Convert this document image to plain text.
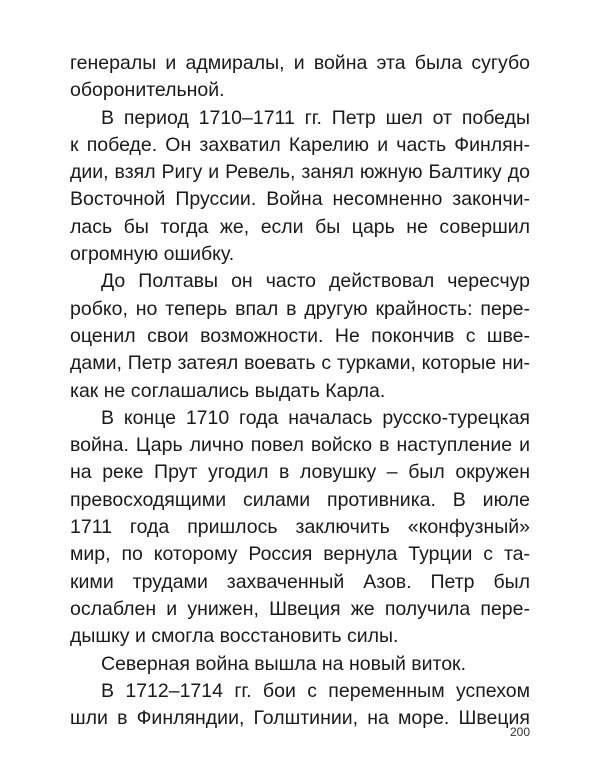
генералы и адмиралы, и война эта была сугубо
оборонительной.
В период 1710–1711 гг. Петр шел от победы
к победе. Он захватил Карелию и часть Финлян-
дии, взял Ригу и Ревель, занял южную Балтику до
Восточной Пруссии. Война несомненно закончи-
лась бы тогда же, если бы царь не совершил
огромную ошибку.
До Полтавы он часто действовал чересчур
робко, но теперь впал в другую крайность: пере-
оценил свои возможности. Не покончив с шве-
дами, Петр затеял воевать с турками, которые ни-
как не соглашались выдать Карла.
В конце 1710 года началась русско-турецкая
война. Царь лично повел войско в наступление и
на реке Прут угодил в ловушку – был окружен
превосходящими силами противника. В июле
1711 года пришлось заключить «конфузный»
мир, по которому Россия вернула Турции с та-
кими трудами захваченный Азов. Петр был
ослаблен и унижен, Швеция же получила пере-
дышку и смогла восстановить силы.
Северная война вышла на новый виток.
В 1712–1714 гг. бои с переменным успехом
шли в Финляндии, Голштинии, на море. Швеция
200
